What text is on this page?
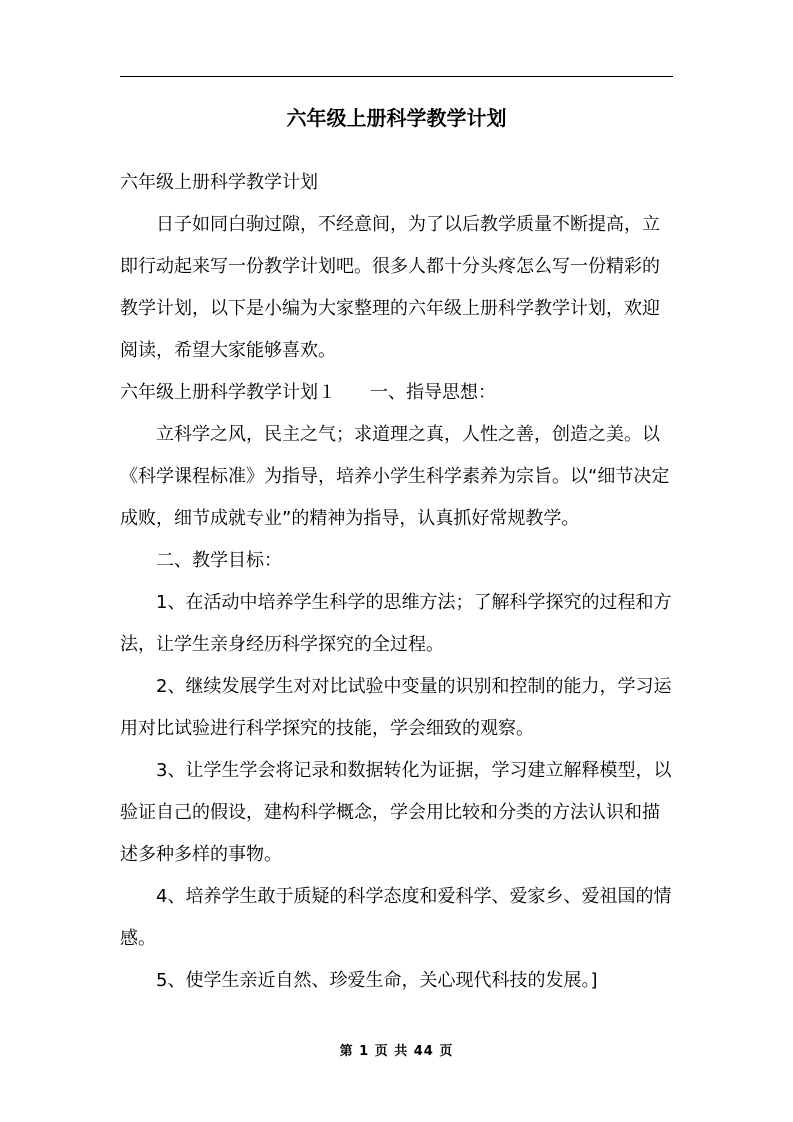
六年级上册科学教学计划

六年级上册科学教学计划

日子如同白驹过隙，不经意间，为了以后教学质量不断提高，立即行动起来写一份教学计划吧。很多人都十分头疼怎么写一份精彩的教学计划，以下是小编为大家整理的六年级上册科学教学计划，欢迎阅读，希望大家能够喜欢。

六年级上册科学教学计划１ 一、指导思想：

立科学之风，民主之气；求道理之真，人性之善，创造之美。以《科学课程标准》为指导，培养小学生科学素养为宗旨。以“细节决定成败，细节成就专业”的精神为指导，认真抓好常规教学。

二、教学目标：

1、在活动中培养学生科学的思维方法；了解科学探究的过程和方法，让学生亲身经历科学探究的全过程。

2、继续发展学生对对比试验中变量的识别和控制的能力，学习运用对比试验进行科学探究的技能，学会细致的观察。

3、让学生学会将记录和数据转化为证据，学习建立解释模型，以验证自己的假设，建构科学概念，学会用比较和分类的方法认识和描述多种多样的事物。

4、培养学生敢于质疑的科学态度和爱科学、爱家乡、爱祖国的情感。

5、使学生亲近自然、珍爱生命，关心现代科技的发展。]

第 1 页 共 44 页
